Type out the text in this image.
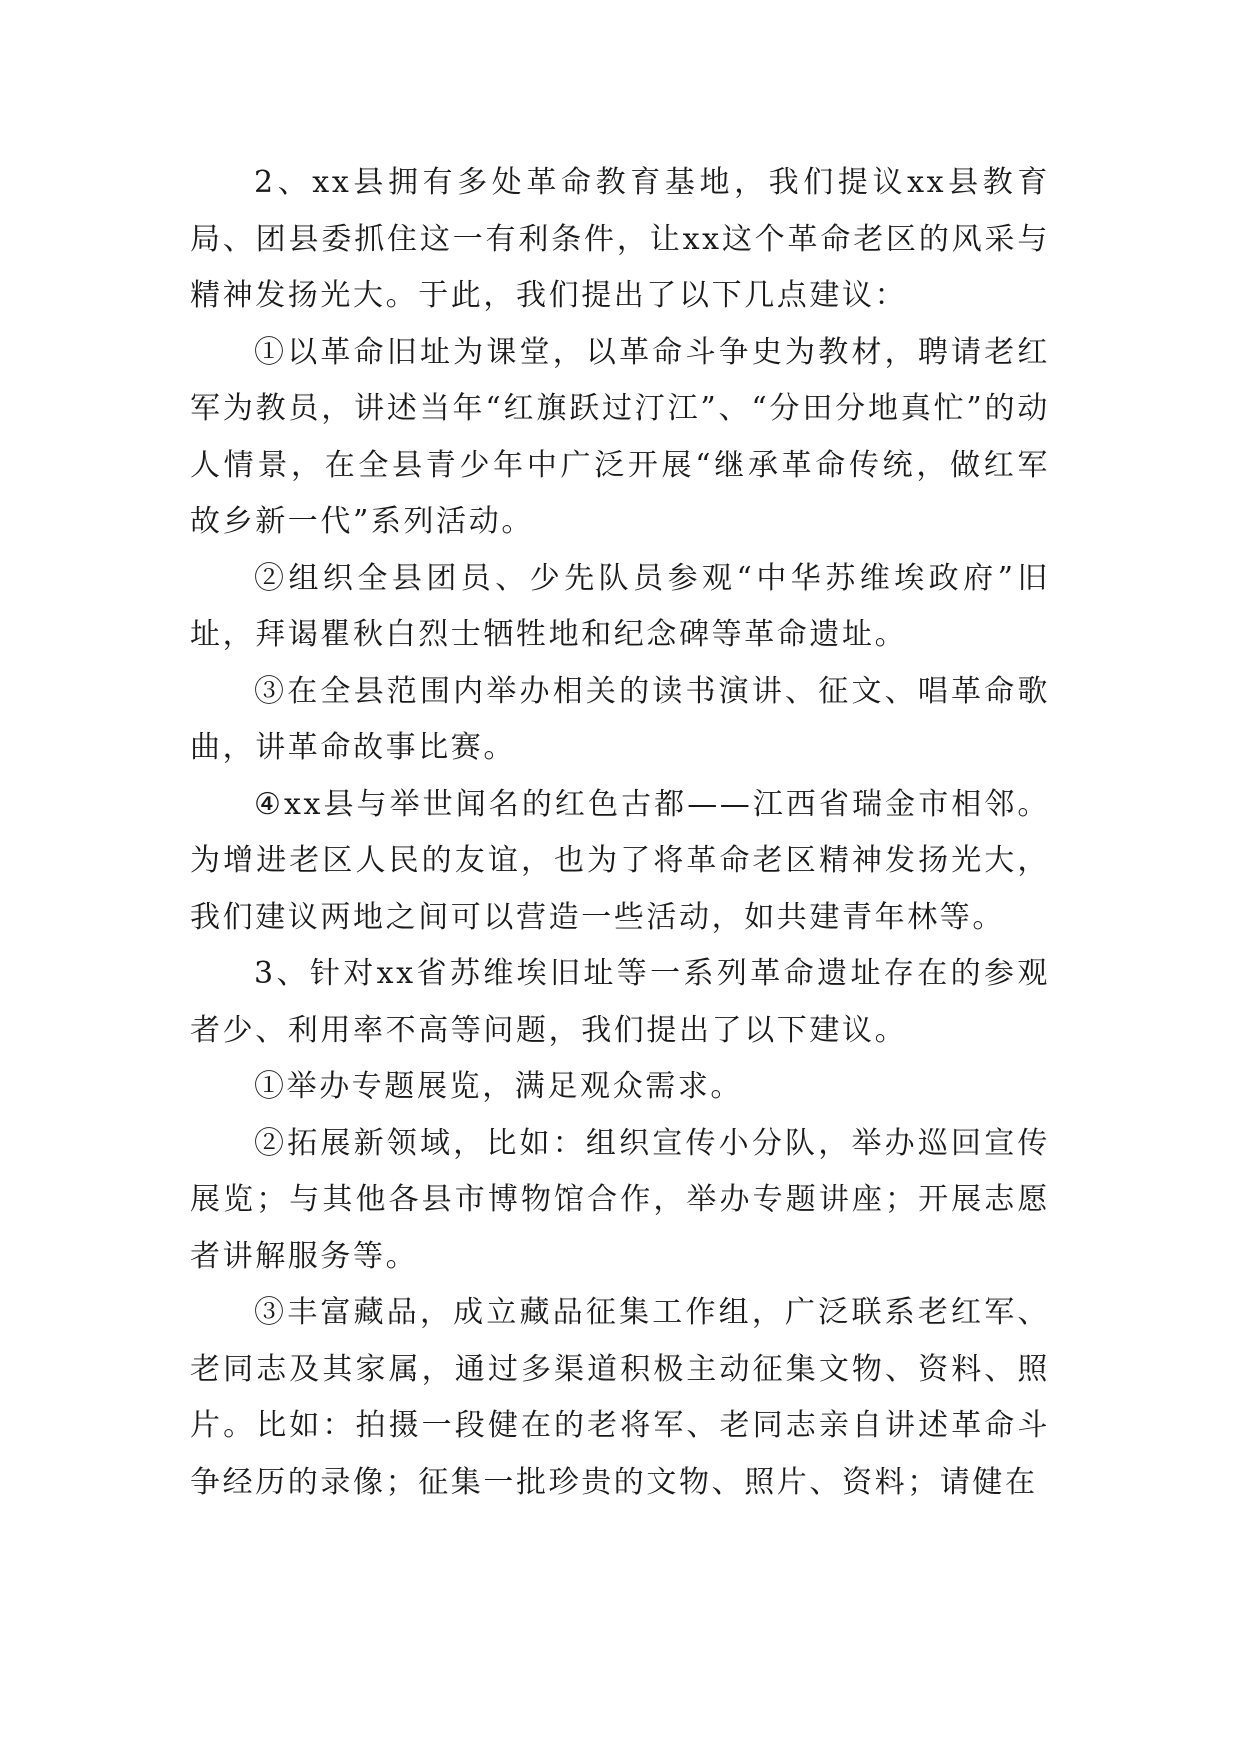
2、xx县拥有多处革命教育基地，我们提议xx县教育局、团县委抓住这一有利条件，让xx这个革命老区的风采与精神发扬光大。于此，我们提出了以下几点建议：

①以革命旧址为课堂，以革命斗争史为教材，聘请老红军为教员，讲述当年“红旗跃过汀江”、“分田分地真忙”的动人情景，在全县青少年中广泛开展“继承革命传统，做红军故乡新一代”系列活动。

②组织全县团员、少先队员参观“中华苏维埃政府”旧址，拜谒瞿秋白烈士牺牲地和纪念碑等革命遗址。

③在全县范围内举办相关的读书演讲、征文、唱革命歌曲，讲革命故事比赛。

④xx县与举世闻名的红色古都——江西省瑞金市相邻。为增进老区人民的友谊，也为了将革命老区精神发扬光大，我们建议两地之间可以营造一些活动，如共建青年林等。

3、针对xx省苏维埃旧址等一系列革命遗址存在的参观者少、利用率不高等问题，我们提出了以下建议。

①举办专题展览，满足观众需求。

②拓展新领域，比如：组织宣传小分队，举办巡回宣传展览；与其他各县市博物馆合作，举办专题讲座；开展志愿者讲解服务等。

③丰富藏品，成立藏品征集工作组，广泛联系老红军、老同志及其家属，通过多渠道积极主动征集文物、资料、照片。比如：拍摄一段健在的老将军、老同志亲自讲述革命斗争经历的录像；征集一批珍贵的文物、照片、资料；请健在
